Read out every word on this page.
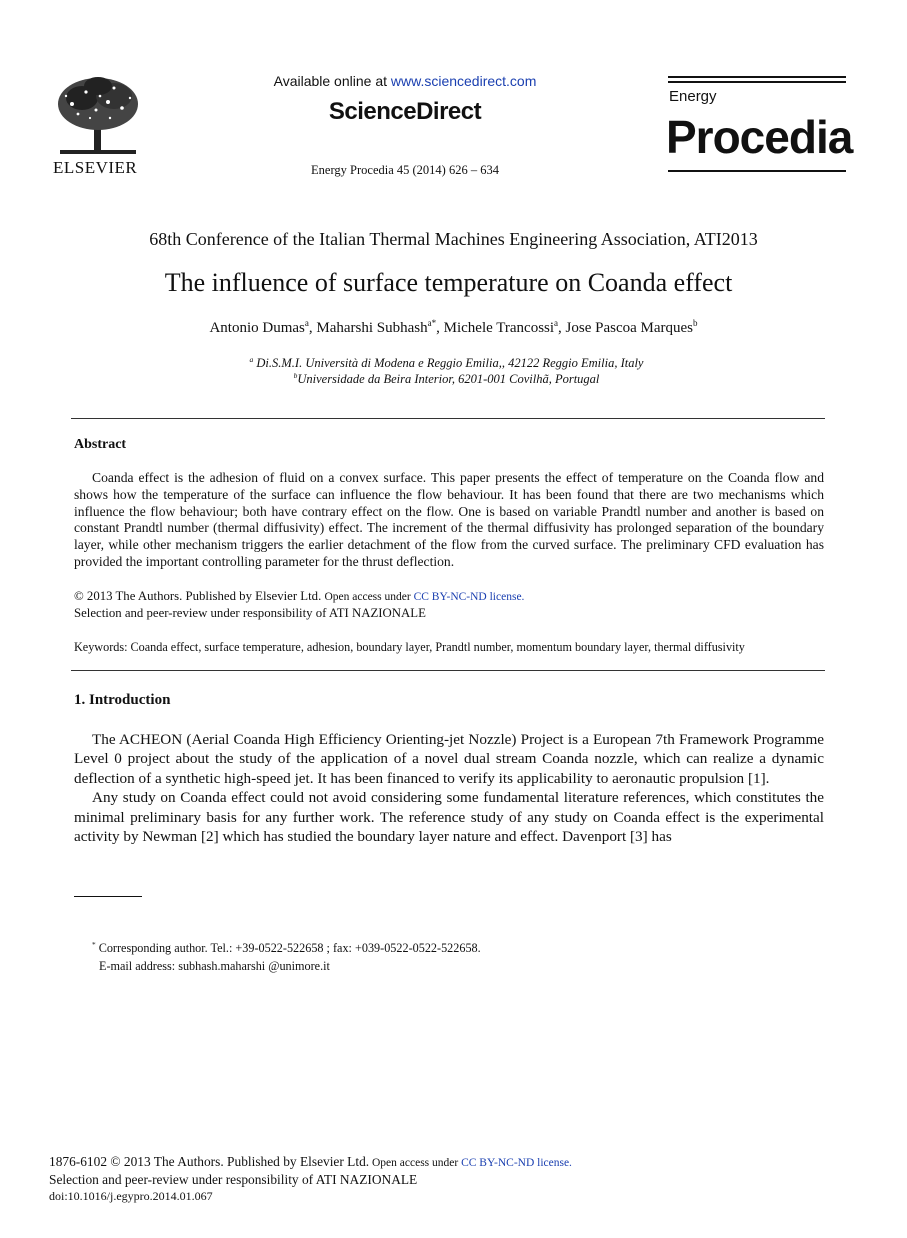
ELSEVIER
Available online at www.sciencedirect.com
ScienceDirect
Energy Procedia 45 (2014) 626 – 634
Energy
Procedia
68th Conference of the Italian Thermal Machines Engineering Association, ATI2013
The influence of surface temperature on Coanda effect
Antonio Dumas$^a$, Maharshi Subhash$^{a*}$, Michele Trancossi$^a$, Jose Pascoa Marques$^b$
$^a$ Di.S.M.I. Università di Modena e Reggio Emilia,, 42122 Reggio Emilia, Italy
$^b$Universidade da Beira Interior, 6201-001 Covilhã, Portugal
Abstract

Coanda effect is the adhesion of fluid on a convex surface. This paper presents the effect of temperature on the Coanda flow and shows how the temperature of the surface can influence the flow behaviour. It has been found that there are two mechanisms which influence the flow behaviour; both have contrary effect on the flow. One is based on variable Prandtl number and another is based on constant Prandtl number (thermal diffusivity) effect. The increment of the thermal diffusivity has prolonged separation of the boundary layer, while other mechanism triggers the earlier detachment of the flow from the curved surface. The preliminary CFD evaluation has provided the important controlling parameter for the thrust deflection.

© 2013 The Authors. Published by Elsevier Ltd. Open access under CC BY-NC-ND license.
Selection and peer-review under responsibility of ATI NAZIONALE
Keywords: Coanda effect, surface temperature, adhesion, boundary layer, Prandtl number, momentum boundary layer, thermal diffusivity
1. Introduction

The ACHEON (Aerial Coanda High Efficiency Orienting-jet Nozzle) Project is a European 7th Framework Programme Level 0 project about the study of the application of a novel dual stream Coanda nozzle, which can realize a dynamic deflection of a synthetic high-speed jet. It has been financed to verify its applicability to aeronautic propulsion [1].

Any study on Coanda effect could not avoid considering some fundamental literature references, which constitutes the minimal preliminary basis for any further work. The reference study of any study on Coanda effect is the experimental activity by Newman [2] which has studied the boundary layer nature and effect. Davenport [3] has

* Corresponding author. Tel.: +39-0522-522658 ; fax: +039-0522-0522-522658.
E-mail address: subhash.maharshi @unimore.it
1876-6102 © 2013 The Authors. Published by Elsevier Ltd. Open access under CC BY-NC-ND license.
Selection and peer-review under responsibility of ATI NAZIONALE
doi:10.1016/j.egypro.2014.01.067
